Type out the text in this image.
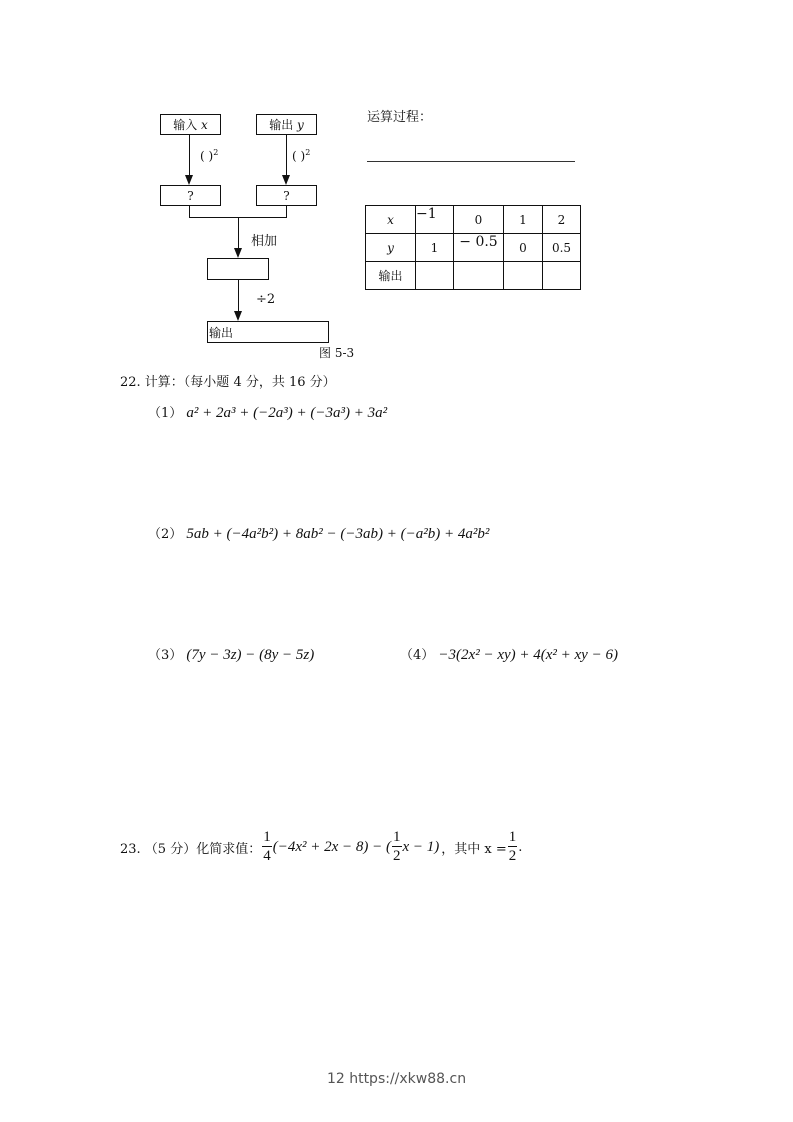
输入
x	输出
y
( )$^2$	( )$^2$
?	?
相加
÷2
输出
图 5-3
运算过程：
x	−1	0	1	2
y	1	− 0.5	0	0.5
输出				
22. 计算：（每小题 4 分，共 16 分）
（1） a² + 2a³ + (−2a³) + (−3a³) + 3a²
（2） 5ab + (−4a²b²) + 8ab² − (−3ab) + (−a²b) + 4a²b²
（3） (7y − 3z) − (8y − 5z)	（4） −3(2x² − xy) + 4(x² + xy − 6)
23. （5 分）化简求值： $\frac{1}{4} (-4x^2 + 2x - 8)$ − ( $\frac{1}{2}$ x − 1) ，其中 $x = \frac{1}{2}$ .
12 https://xkw88.cn
